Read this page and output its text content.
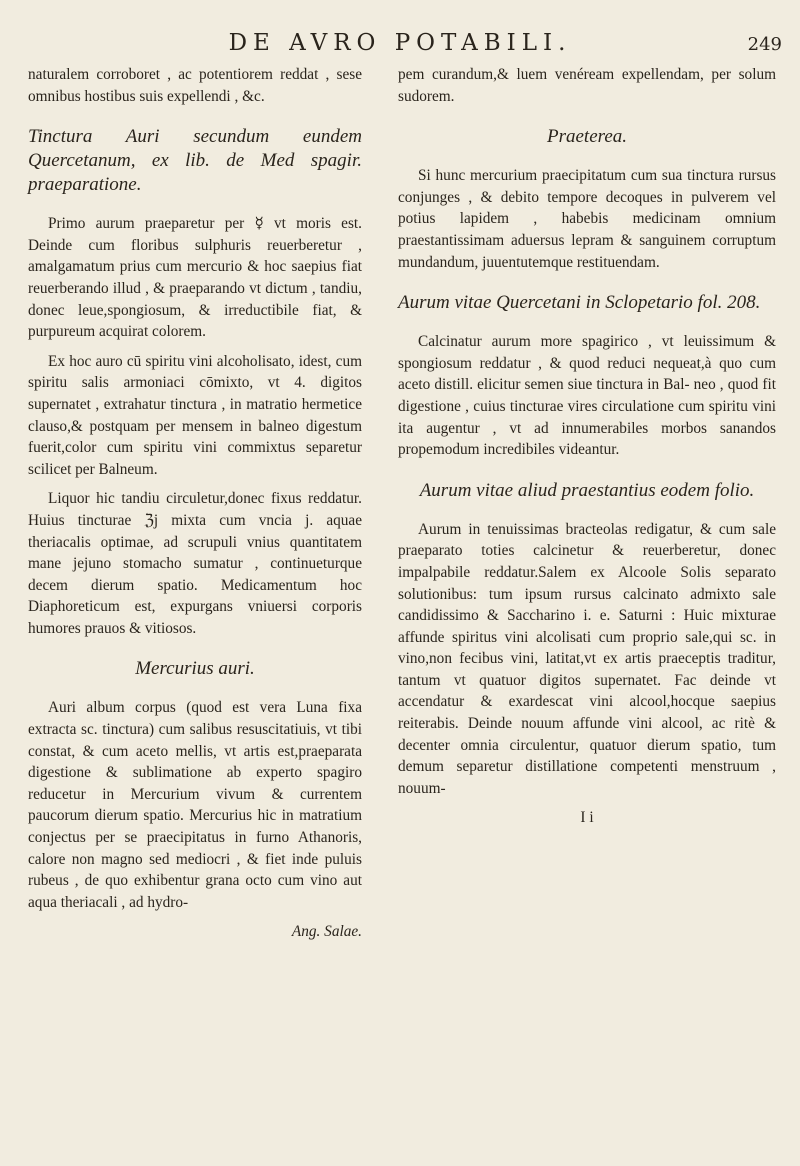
DE AVRO POTABILI.	249

naturalem corroboret , ac potentiorem reddat , sese omnibus hostibus suis expellendi , &c.

Tinctura Auri secundum eundem Quercetanum, ex lib. de Med spagir. praeparatione.

Primo aurum praeparetur per ☿ vt moris est. Deinde cum floribus sulphuris reuerberetur , amalgamatum prius cum mercurio & hoc saepius fiat reuerberando illud , & praeparando vt dictum , tandiu, donec leue,spongiosum, & irreductibile fiat, & purpureum acquirat colorem.

Ex hoc auro cū spiritu vini alcoholisato, idest, cum spiritu salis armoniaci cōmixto, vt 4. digitos supernatet , extrahatur tinctura , in matratio hermetice clauso,& postquam per mensem in balneo digestum fuerit,color cum spiritu vini commixtus separetur scilicet per Balneum.

Liquor hic tandiu circuletur,donec fixus reddatur. Huius tincturae ℨj mixta cum vncia j. aquae theriacalis optimae, ad scrupuli vnius quantitatem mane jejuno stomacho sumatur , continueturque decem dierum spatio. Medicamentum hoc Diaphoreticum est, expurgans vniuersi corporis humores prauos & vitiosos.

Mercurius auri.

Auri album corpus (quod est vera Luna fixa extracta sc. tinctura) cum salibus resuscitatiuis, vt tibi constat, & cum aceto mellis, vt artis est,praeparata digestione & sublimatione ab experto spagiro reducetur in Mercurium vivum & currentem paucorum dierum spatio. Mercurius hic in matratium conjectus per se praecipitatus in furno Athanoris, calore non magno sed mediocri , & fiet inde puluis rubeus , de quo exhibentur grana octo cum vino aut aqua theriacali , ad hydro-

Ang. Salae.

pem curandum,& luem venéream expellendam, per solum sudorem.

Praeterea.

Si hunc mercurium praecipitatum cum sua tinctura rursus conjunges , & debito tempore decoques in pulverem vel potius lapidem , habebis medicinam omnium praestantissimam aduersus lepram & sanguinem corruptum mundandum, juuentutemque restituendam.

Aurum vitae Quercetani in Sclopetario fol. 208.

Calcinatur aurum more spagirico , vt leuissimum & spongiosum reddatur , & quod reduci nequeat,à quo cum aceto distill. elicitur semen siue tinctura in Bal- neo , quod fit digestione , cuius tincturae vires circulatione cum spiritu vini ita augentur , vt ad innumerabiles morbos sanandos propemodum incredibiles videantur.

Aurum vitae aliud praestantius eodem folio.

Aurum in tenuissimas bracteolas redigatur, & cum sale praeparato toties calcinetur & reuerberetur, donec impalpabile reddatur.Salem ex Alcoole Solis separato solutionibus: tum ipsum rursus calcinato admixto sale candidissimo & Saccharino i. e. Saturni : Huic mixturae affunde spiritus vini alcolisati cum proprio sale,qui sc. in vino,non fecibus vini, latitat,vt ex artis praeceptis traditur, tantum vt quatuor digitos supernatet. Fac deinde vt accendatur & exardescat vini alcool,hocque saepius reiterabis. Deinde nouum affunde vini alcool, ac ritè & decenter omnia circulentur, quatuor dierum spatio, tum demum separetur distillatione competenti menstruum , nouum-

I i
